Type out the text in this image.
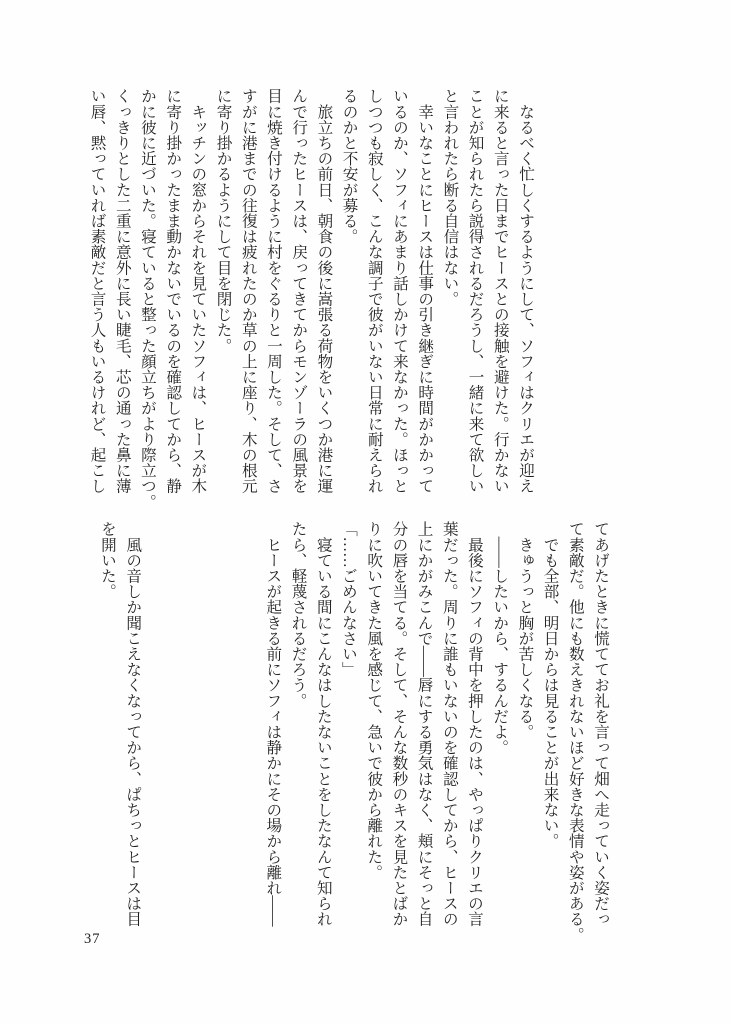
　なるべく忙しくするようにして、ソフィはクリエが迎え
に来ると言った日までヒースとの接触を避けた。行かない
ことが知られたら説得されるだろうし、一緒に来て欲しい
と言われたら断る自信はない。
　幸いなことにヒースは仕事の引き継ぎに時間がかかって
いるのか、ソフィにあまり話しかけて来なかった。ほっと
しつつも寂しく、こんな調子で彼がいない日常に耐えられ
るのかと不安が募る。
　旅立ちの前日、朝食の後に嵩張る荷物をいくつか港に運
んで行ったヒースは、戻ってきてからモンゾーラの風景を
目に焼き付けるように村をぐるりと一周した。そして、さ
すがに港までの往復は疲れたのか草の上に座り、木の根元
に寄り掛かるようにして目を閉じた。
　キッチンの窓からそれを見ていたソフィは、ヒースが木
に寄り掛かったまま動かないでいるのを確認してから、静
かに彼に近づいた。寝ていると整った顔立ちがより際立つ。
くっきりとした二重に意外に長い睫毛、芯の通った鼻に薄
い唇、黙っていれば素敵だと言う人もいるけれど、起こし
てあげたときに慌ててお礼を言って畑へ走っていく姿だっ
て素敵だ。他にも数えきれないほど好きな表情や姿がある。
　でも全部、明日からは見ることが出来ない。
　きゅうっと胸が苦しくなる。
　――したいから、するんだよ。
　最後にソフィの背中を押したのは、やっぱりクリエの言
葉だった。周りに誰もいないのを確認してから、ヒースの
上にかがみこんで――唇にする勇気はなく、頬にそっと自
分の唇を当てる。そして、そんな数秒のキスを見たとばか
りに吹いてきた風を感じて、急いで彼から離れた。
「……ごめんなさい」
　寝ている間にこんなはしたないことをしたなんて知られ
たら、軽蔑されるだろう。
　ヒースが起きる前にソフィは静かにその場から離れ――
　風の音しか聞こえなくなってから、ぱちっとヒースは目
を開いた。
37
